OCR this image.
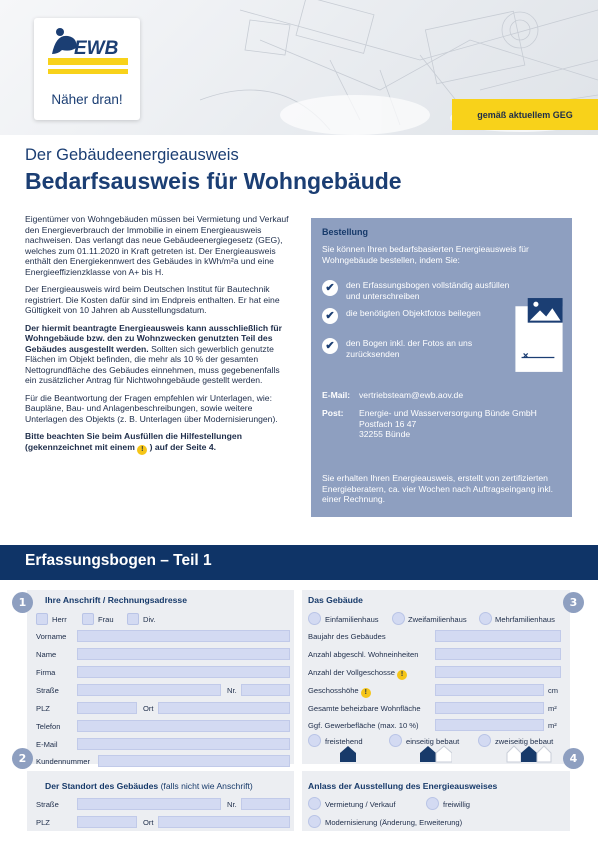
EWB
Näher dran!
gemäß aktuellem GEG
Der Gebäudeenergieausweis
Bedarfsausweis für Wohngebäude

Eigentümer von Wohngebäuden müssen bei Vermietung und Verkauf den Energieverbrauch der Immobilie in einem Energieausweis nachweisen. Das verlangt das neue Gebäudeenergiegesetz (GEG), welches zum 01.11.2020 in Kraft getreten ist. Der Energieausweis enthält den Energiekennwert des Gebäudes in kWh/m²a und eine Energieeffizienzklasse von A+ bis H.

Der Energieausweis wird beim Deutschen Institut für Bautechnik registriert. Die Kosten dafür sind im Endpreis enthalten. Er hat eine Gültigkeit von 10 Jahren ab Ausstellungsdatum.

Der hiermit beantragte Energieausweis kann ausschließlich für Wohngebäude bzw. den zu Wohnzwecken genutzten Teil des Gebäudes ausgestellt werden. Sollten sich gewerblich genutzte Flächen im Objekt befinden, die mehr als 10 % der gesamten Nettogrundfläche des Gebäudes einnehmen, muss gegebenenfalls ein zusätzlicher Antrag für Nichtwohngebäude gestellt werden.

Für die Beantwortung der Fragen empfehlen wir Unterlagen, wie: Baupläne, Bau- und Anlagenbeschreibungen, sowie weitere Unterlagen des Objekts (z. B. Unterlagen über Modernisierungen).

Bitte beachten Sie beim Ausfüllen die Hilfestellungen (gekennzeichnet mit einem ! ) auf der Seite 4.

Bestellung
Sie können Ihren bedarfsbasierten Energieausweis für Wohngebäude bestellen, indem Sie:
✔	den Erfassungsbogen vollständig ausfüllen und unterschreiben
✔	die benötigten Objektfotos beilegen
✔	den Bogen inkl. der Fotos an uns zurücksenden
E-Mail: vertriebsteam@ewb.aov.de
Post: Energie- und Wasserversorgung Bünde GmbH
Postfach 16 47
32255 Bünde
Sie erhalten Ihren Energieausweis, erstellt von zertifizierten Energieberatern, ca. vier Wochen nach Auftragseingang inkl. einer Rechnung.
Erfassungsbogen – Teil 1
1	Ihre Anschrift / Rechnungsadresse
Herr	Frau	Div.
Vorname
Name
Firma
Straße	Nr.
PLZ	Ort
Telefon
E-Mail
Kundennummer
2
Der Standort des Gebäudes (falls nicht wie Anschrift)
Straße	Nr.
PLZ	Ort
3
Das Gebäude
Einfamilienhaus	Zweifamilienhaus	Mehrfamilienhaus
Baujahr des Gebäudes
Anzahl abgeschl. Wohneinheiten
Anzahl der Vollgeschosse !
Geschosshöhe !	cm
Gesamte beheizbare Wohnfläche	m²
Ggf. Gewerbefläche (max. 10 %)	m²
freistehend	einseitig bebaut	zweiseitig bebaut
4
Anlass der Ausstellung des Energieausweises
Vermietung / Verkauf	freiwillig
Modernisierung (Änderung, Erweiterung)
